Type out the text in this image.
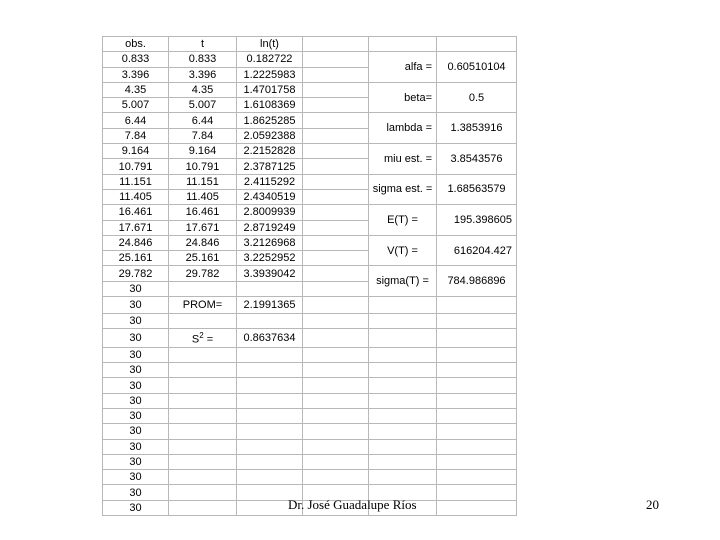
obs.	t	ln(t)			
0.833	0.833	0.182722		alfa =	0.60510104
3.396	3.396	1.2225983			
4.35	4.35	1.4701758		beta=	0.5
5.007	5.007	1.6108369			
6.44	6.44	1.8625285		lambda =	1.3853916
7.84	7.84	2.0592388			
9.164	9.164	2.2152828		miu est. =	3.8543576
10.791	10.791	2.3787125			
11.151	11.151	2.4115292		sigma est. =	1.68563579
11.405	11.405	2.4340519			
16.461	16.461	2.8009939		E(T) =	195.398605
17.671	17.671	2.8719249			
24.846	24.846	3.2126968		V(T) =	616204.427
25.161	25.161	3.2252952			
29.782	29.782	3.3939042		sigma(T) =	784.986896
30					
30	PROM=	2.1991365			
30					
30	$S^2$ =	0.8637634			
30					
30					
30					
30					
30					
30					
30					
30					
30					
30					
30						Dr. José Guadalupe Ríos	20
